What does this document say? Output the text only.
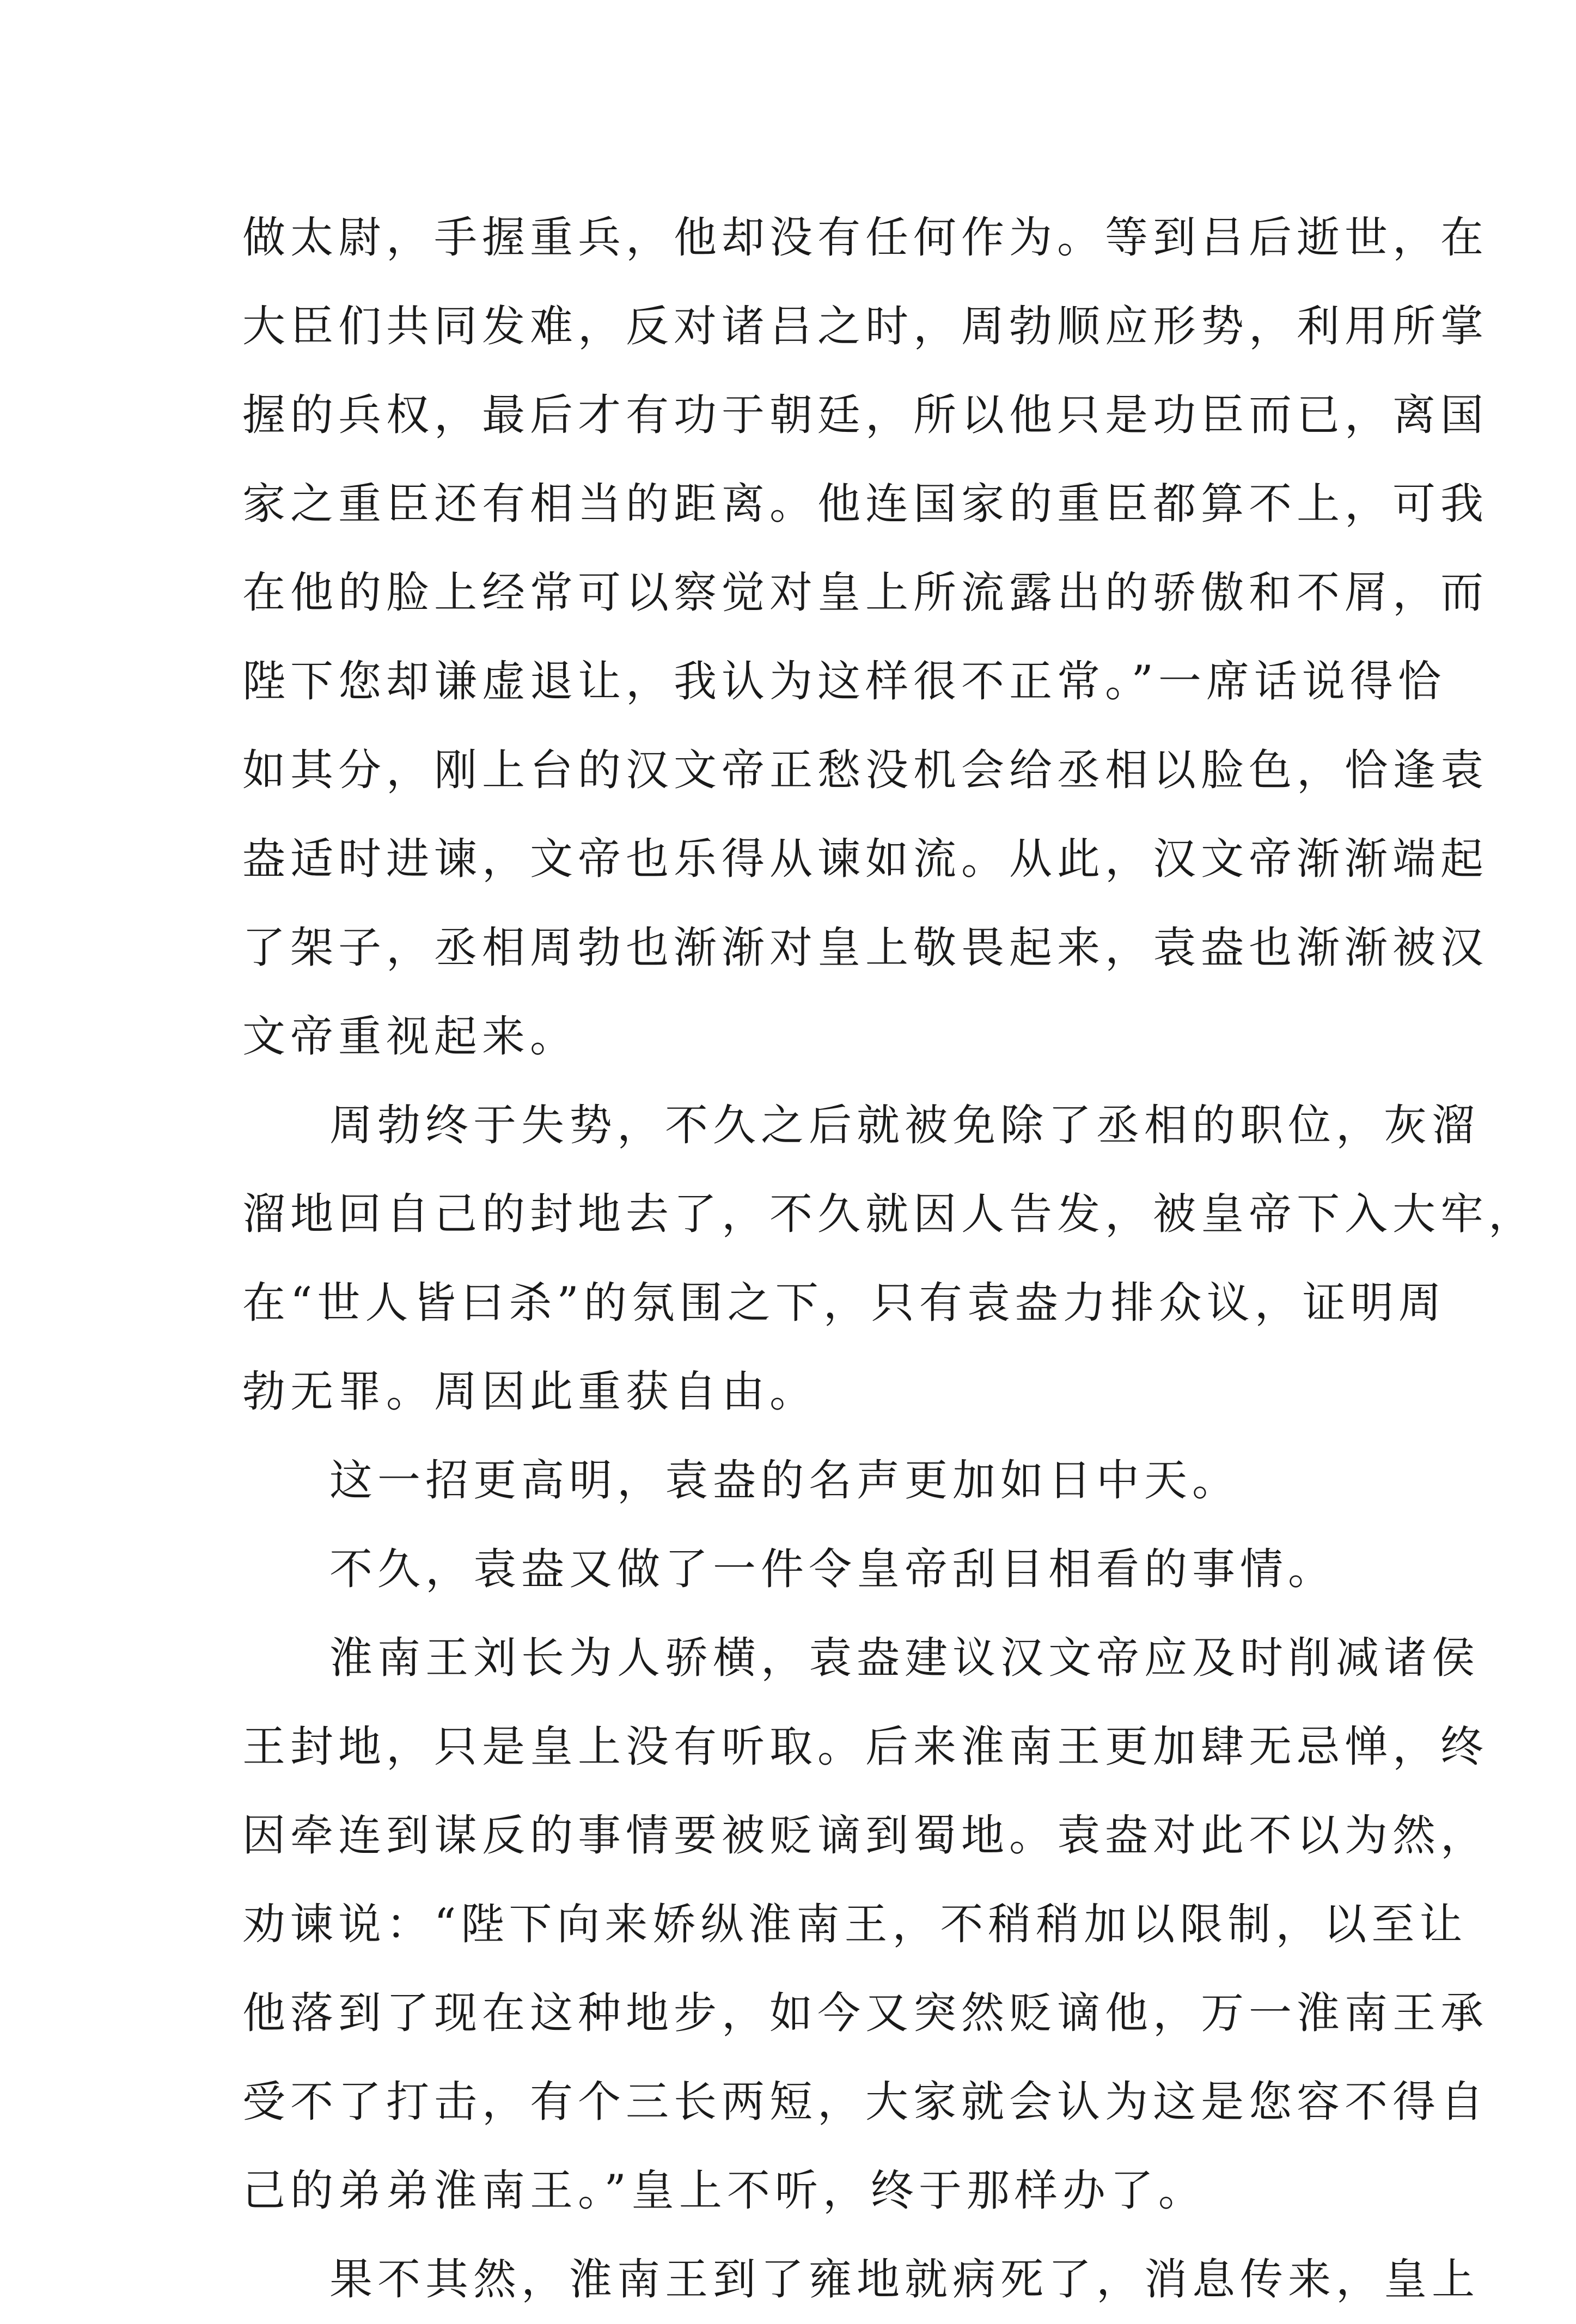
做太尉，手握重兵，他却没有任何作为。等到吕后逝世，在
大臣们共同发难，反对诸吕之时，周勃顺应形势，利用所掌
握的兵权，最后才有功于朝廷，所以他只是功臣而已，离国
家之重臣还有相当的距离。他连国家的重臣都算不上，可我
在他的脸上经常可以察觉对皇上所流露出的骄傲和不屑，而
陛下您却谦虚退让，我认为这样很不正常。”一席话说得恰
如其分，刚上台的汉文帝正愁没机会给丞相以脸色，恰逢袁
盎适时进谏，文帝也乐得从谏如流。从此，汉文帝渐渐端起
了架子，丞相周勃也渐渐对皇上敬畏起来，袁盎也渐渐被汉
文帝重视起来。
周勃终于失势，不久之后就被免除了丞相的职位，灰溜
溜地回自己的封地去了，不久就因人告发，被皇帝下入大牢，
在“世人皆曰杀”的氛围之下，只有袁盎力排众议，证明周
勃无罪。周因此重获自由。
这一招更高明，袁盎的名声更加如日中天。
不久，袁盎又做了一件令皇帝刮目相看的事情。
淮南王刘长为人骄横，袁盎建议汉文帝应及时削减诸侯
王封地，只是皇上没有听取。后来淮南王更加肆无忌惮，终
因牵连到谋反的事情要被贬谪到蜀地。袁盎对此不以为然，
劝谏说：“陛下向来娇纵淮南王，不稍稍加以限制，以至让
他落到了现在这种地步，如今又突然贬谪他，万一淮南王承
受不了打击，有个三长两短，大家就会认为这是您容不得自
己的弟弟淮南王。”皇上不听，终于那样办了。
果不其然，淮南王到了雍地就病死了，消息传来，皇上
